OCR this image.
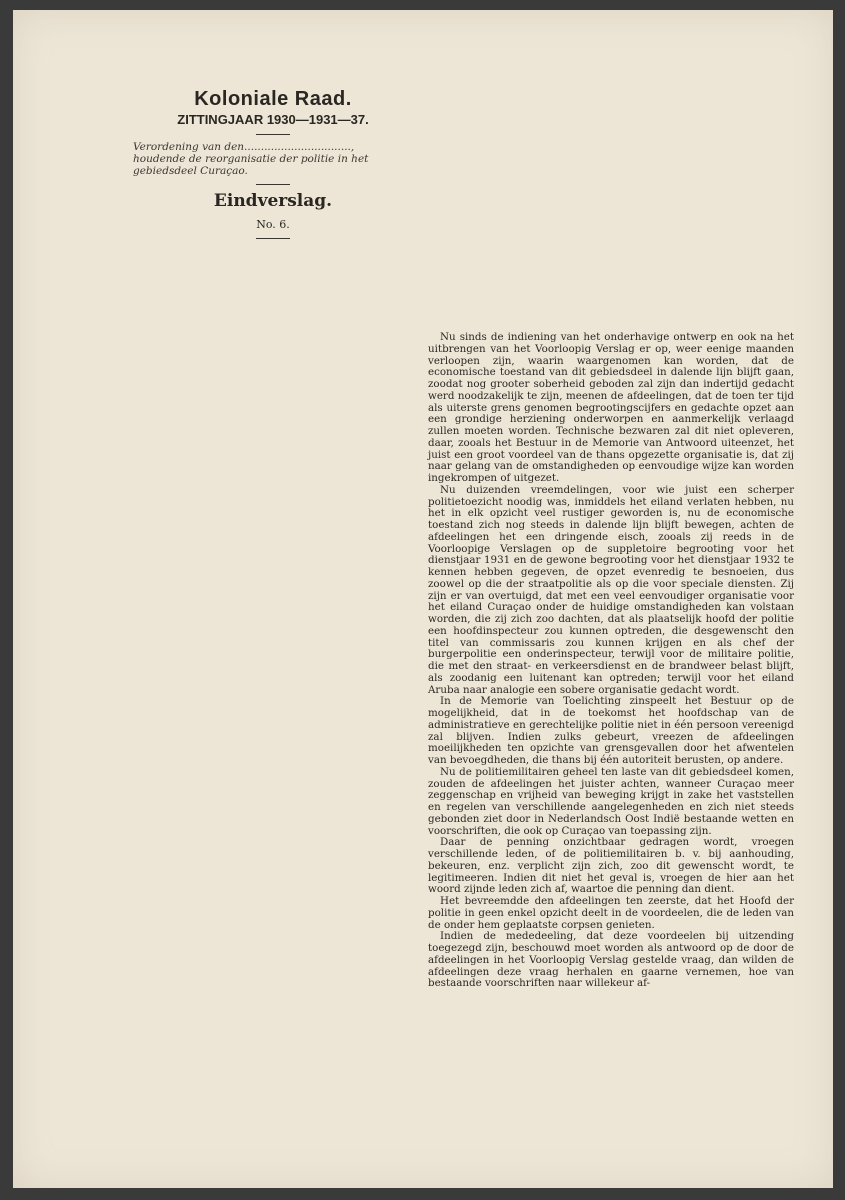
Koloniale Raad.
ZITTINGJAAR 1930—1931—37.
Verordening van den................................, houdende de reorganisatie der politie in het gebiedsdeel Curaçao.
Eindverslag.
No. 6.

Nu sinds de indiening van het onderhavige ontwerp en ook na het uitbrengen van het Voorloopig Verslag er op, weer eenige maanden verloopen zijn, waarin waargenomen kan worden, dat de economische toestand van dit gebiedsdeel in dalende lijn blijft gaan, zoodat nog grooter soberheid geboden zal zijn dan indertijd gedacht werd noodzakelijk te zijn, meenen de afdeelingen, dat de toen ter tijd als uiterste grens genomen begrootingscijfers en gedachte opzet aan een grondige herziening onderworpen en aanmerkelijk verlaagd zullen moeten worden. Technische bezwaren zal dit niet opleveren, daar, zooals het Bestuur in de Memorie van Antwoord uiteenzet, het juist een groot voordeel van de thans opgezette organisatie is, dat zij naar gelang van de omstandigheden op eenvoudige wijze kan worden ingekrompen of uitgezet.

Nu duizenden vreemdelingen, voor wie juist een scherper politietoezicht noodig was, inmiddels het eiland verlaten hebben, nu het in elk opzicht veel rustiger geworden is, nu de economische toestand zich nog steeds in dalende lijn blijft bewegen, achten de afdeelingen het een dringende eisch, zooals zij reeds in de Voorloopige Verslagen op de suppletoire begrooting voor het dienstjaar 1931 en de gewone begrooting voor het dienstjaar 1932 te kennen hebben gegeven, de opzet evenredig te besnoeien, dus zoowel op die der straatpolitie als op die voor speciale diensten. Zij zijn er van overtuigd, dat met een veel eenvoudiger organisatie voor het eiland Curaçao onder de huidige omstandigheden kan volstaan worden, die zij zich zoo dachten, dat als plaatselijk hoofd der politie een hoofdinspecteur zou kunnen optreden, die desgewenscht den titel van commissaris zou kunnen krijgen en als chef der burgerpolitie een onderinspecteur, terwijl voor de militaire politie, die met den straat- en verkeersdienst en de brandweer belast blijft, als zoodanig een luitenant kan optreden; terwijl voor het eiland Aruba naar analogie een sobere organisatie gedacht wordt.

In de Memorie van Toelichting zinspeelt het Bestuur op de mogelijkheid, dat in de toekomst het hoofdschap van de administratieve en gerechtelijke politie niet in één persoon vereenigd zal blijven. Indien zulks gebeurt, vreezen de afdeelingen moeilijkheden ten opzichte van grensgevallen door het afwentelen van bevoegdheden, die thans bij één autoriteit berusten, op andere.

Nu de politiemilitairen geheel ten laste van dit gebiedsdeel komen, zouden de afdeelingen het juister achten, wanneer Curaçao meer zeggenschap en vrijheid van beweging krijgt in zake het vaststellen en regelen van verschillende aangelegenheden en zich niet steeds gebonden ziet door in Nederlandsch Oost Indië bestaande wetten en voorschriften, die ook op Curaçao van toepassing zijn.

Daar de penning onzichtbaar gedragen wordt, vroegen verschillende leden, of de politiemilitairen b. v. bij aanhouding, bekeuren, enz. verplicht zijn zich, zoo dit gewenscht wordt, te legitimeeren. Indien dit niet het geval is, vroegen de hier aan het woord zijnde leden zich af, waartoe die penning dan dient.

Het bevreemdde den afdeelingen ten zeerste, dat het Hoofd der politie in geen enkel opzicht deelt in de voordeelen, die de leden van de onder hem geplaatste corpsen genieten.

Indien de mededeeling, dat deze voordeelen bij uitzending toegezegd zijn, beschouwd moet worden als antwoord op de door de afdeelingen in het Voorloopig Verslag gestelde vraag, dan wilden de afdeelingen deze vraag herhalen en gaarne vernemen, hoe van bestaande voorschriften naar willekeur af-
